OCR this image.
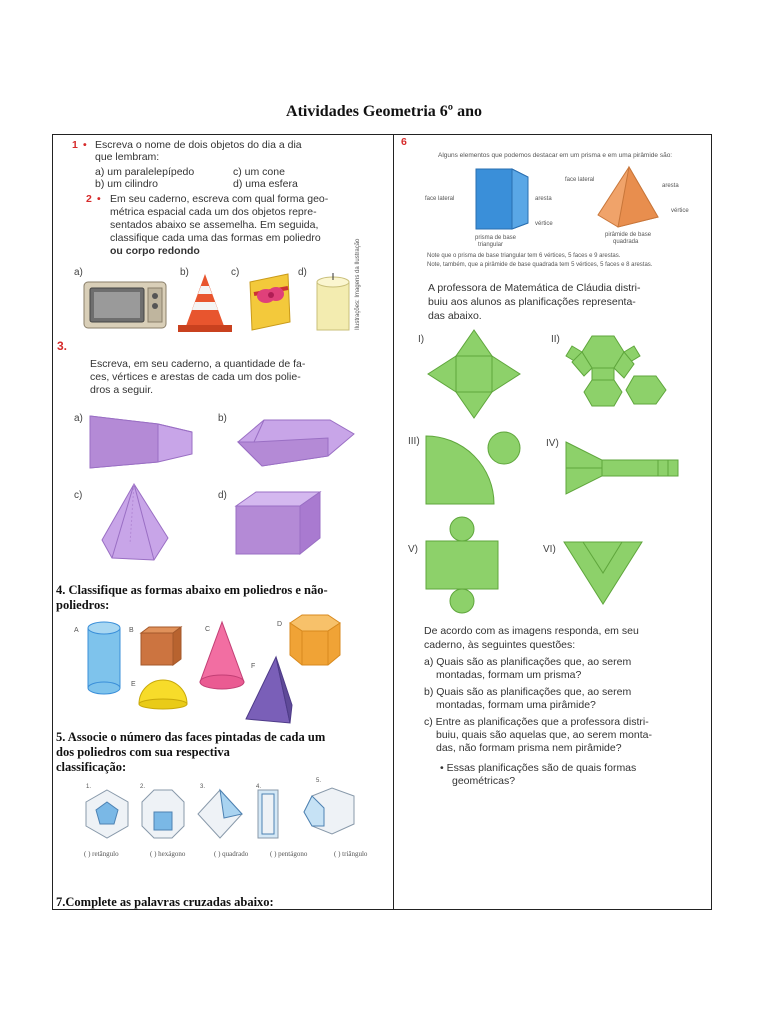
Atividades Geometria 6º ano
1 • Escreva o nome de dois objetos do dia a dia
que lembram:
a) um paralelepípedo
b) um cilindro
c) um cone
d) uma esfera
2 • Em seu caderno, escreva com qual forma geo-
métrica espacial cada um dos objetos repre-
sentados abaixo se assemelha. Em seguida,
classifique cada uma das formas em poliedro
ou corpo redondo
a)	b)	c)	d)	Ilustrações: Imagens da Ilustração
3.
Escreva, em seu caderno, a quantidade de fa-
ces, vértices e arestas de cada um dos polie-
dros a seguir.
a)	b)
c)	d)
4. Classifique as formas abaixo em poliedros e não-
poliedros:
A	B	C
D
E
F
5. Associe o número das faces pintadas de cada um
dos poliedros com sua respectiva
classificação:
1.	2.	3.	4.
5.
( ) retângulo	( ) hexágono	( ) quadrado	( ) pentágono	( ) triângulo
7.Complete as palavras cruzadas abaixo:
6
Alguns elementos que podemos destacar em um prisma e em uma pirâmide são:
face lateral	aresta
vértice
prisma de base
triangular
face lateral
aresta
vértice
pirâmide de base
quadrada
Note que o prisma de base triangular tem 6 vértices, 5 faces e 9 arestas.
Note, também, que a pirâmide de base quadrada tem 5 vértices, 5 faces e 8 arestas.
A professora de Matemática de Cláudia distri-
buiu aos alunos as planificações representa-
das abaixo.
I)	II)
III)	IV)
V)	VI)
De acordo com as imagens responda, em seu
caderno, às seguintes questões:
a) Quais são as planificações que, ao serem
montadas, formam um prisma?
b) Quais são as planificações que, ao serem
montadas, formam uma pirâmide?
c) Entre as planificações que a professora distri-
buiu, quais são aquelas que, ao serem monta-
das, não formam prisma nem pirâmide?
• Essas planificações são de quais formas
geométricas?
